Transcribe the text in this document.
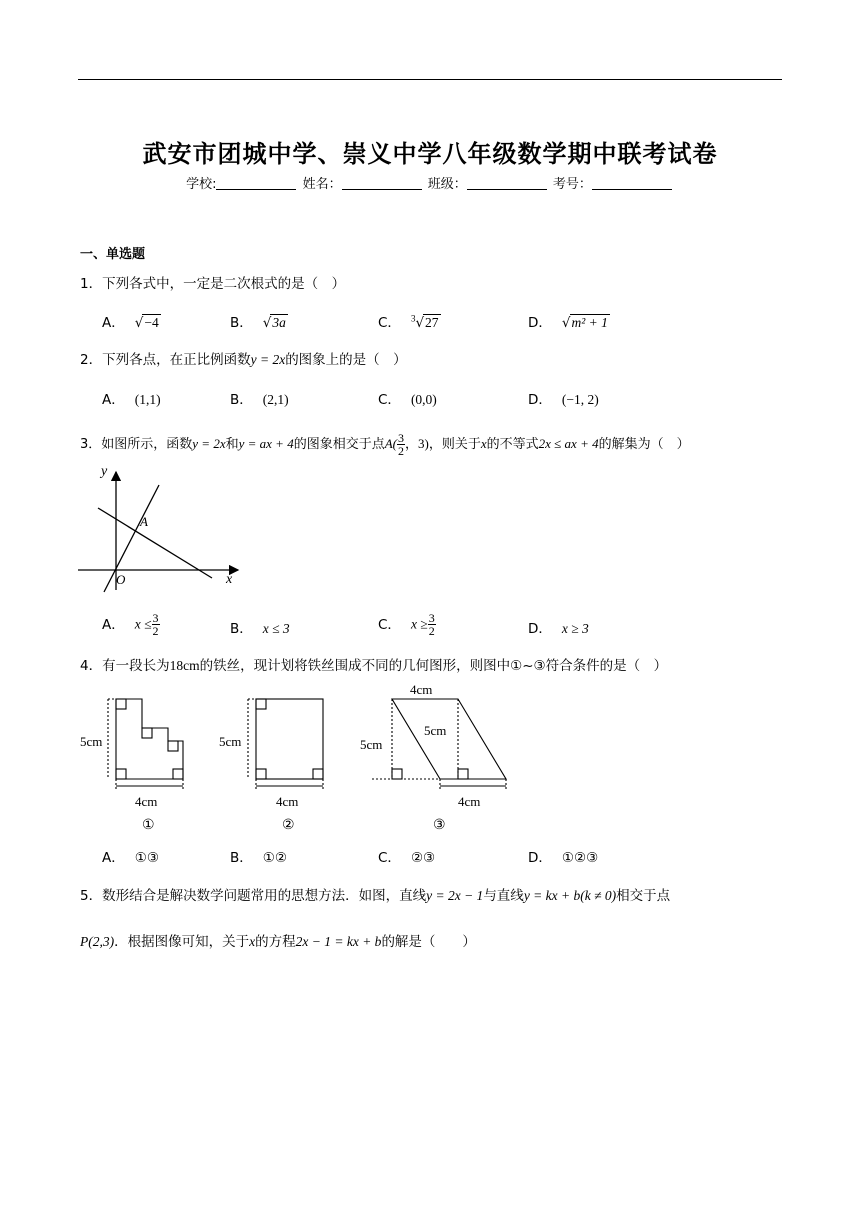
武安市团城中学、崇义中学八年级数学期中联考试卷
学校:	姓名：	班级：	考号：
一、单选题
1．下列各式中，一定是二次根式的是（　）
A． √−4	B． √3a	C． $^3$√27	D． √m² + 1
2．下列各点，在正比例函数y = 2x的图象上的是（　）
A． (1,1)	B． (2,1)	C． (0,0)	D． (−1, 2)
3．如图所示，函数y = 2x和y = ax + 4的图象相交于点$A( \frac{3}{2}$ ，3)，则关于x的不等式2x ≤ ax + 4的解集为（　）
y
x
O
A
A． $x \le \frac{3}{2}$	B． x ≤ 3	C． $x \ge \frac{3}{2}$	D． x ≥ 3
4．有一段长为18cm的铁丝，现计划将铁丝围成不同的几何图形，则图中①~③符合条件的是（　）
5cm
4cm
①
5cm
4cm
②
4cm
5cm
5cm
4cm
③
A． ①③	B． ①②	C． ②③	D． ①②③
5．数形结合是解决数学问题常用的思想方法．如图，直线y = 2x − 1与直线y = kx + b(k ≠ 0)相交于点
P(2,3)．根据图像可知，关于x的方程2x − 1 = kx + b的解是（　　）
